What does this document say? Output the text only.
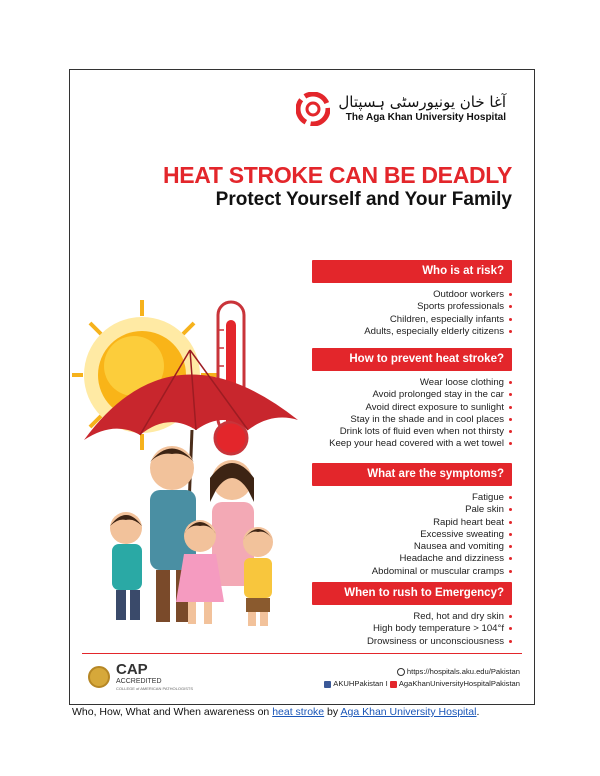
آغا خان یونیورسٹی ہسپتال
The Aga Khan University Hospital
HEAT STROKE CAN BE DEADLY
Protect Yourself and Your Family
Who is at risk?
Outdoor workers
Sports professionals
Children, especially infants
Adults, especially elderly citizens
How to prevent heat stroke?
Wear loose clothing
Avoid prolonged stay in the car
Avoid direct exposure to sunlight
Stay in the shade and in cool places
Drink lots of fluid even when not thirsty
Keep your head covered with a wet towel
What are the symptoms?
Fatigue
Pale skin
Rapid heart beat
Excessive sweating
Nausea and vomiting
Headache and dizziness
Abdominal or muscular cramps
When to rush to Emergency?
Red, hot and dry skin
High body temperature > 104°f
Drowsiness or unconsciousness
CAP
ACCREDITED
COLLEGE of AMERICAN PATHOLOGISTS
https://hospitals.aku.edu/Pakistan
AKUHPakistan I AgaKhanUniversityHospitalPakistan
Who, How, What and When awareness on heat stroke by Aga Khan University Hospital.
